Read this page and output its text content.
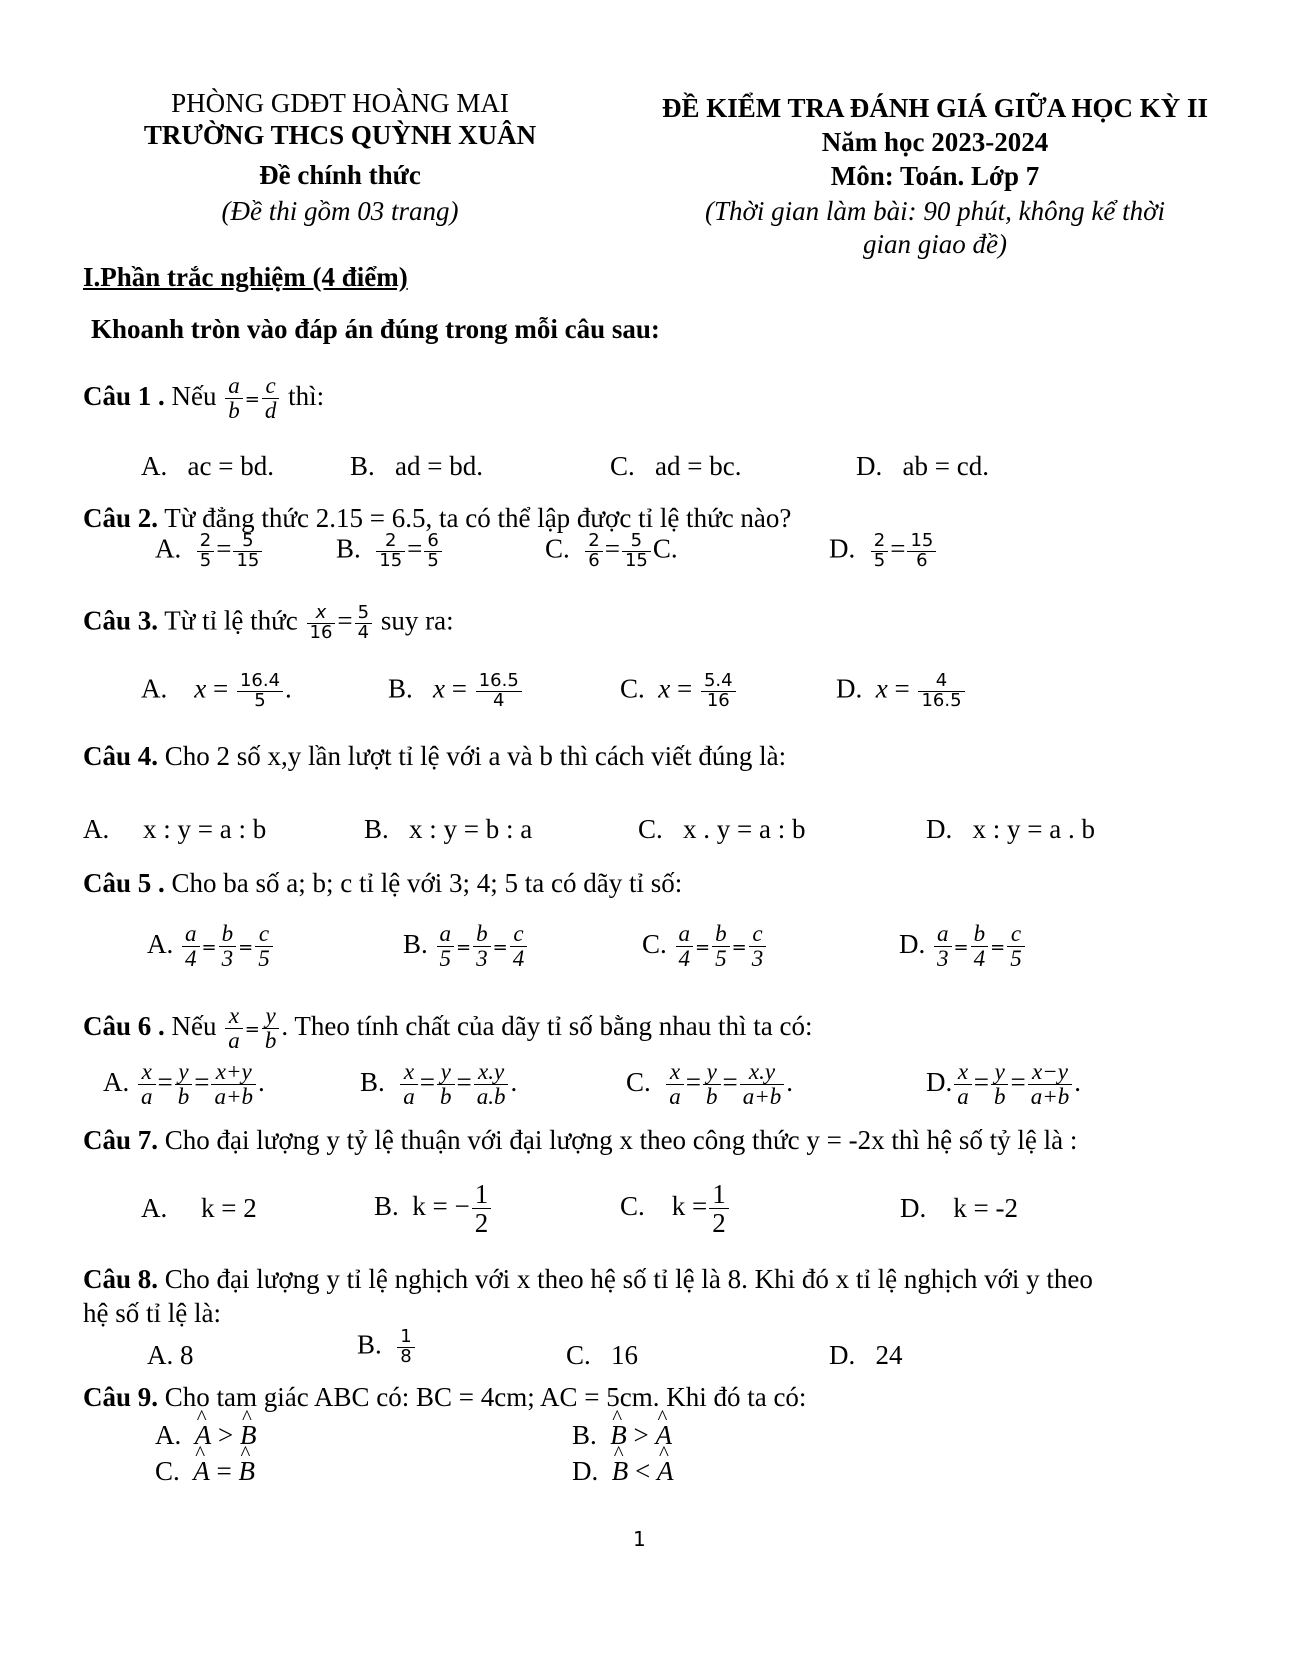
PHÒNG GDĐT HOÀNG MAI
TRƯỜNG THCS QUỲNH XUÂN
Đề chính thức
(Đề thi gồm 03 trang)
ĐỀ KIỂM TRA ĐÁNH GIÁ GIỮA HỌC KỲ II
Năm học 2023-2024
Môn: Toán. Lớp 7
(Thời gian làm bài: 90 phút, không kể thời
gian giao đề)
I.Phần trắc nghiệm (4 điểm)
Khoanh tròn vào đáp án đúng trong mỗi câu sau:
Câu 1 . Nếu $\frac{a}{b} = \frac{c}{d}$ thì:
A. ac = bd.	B. ad = bd.	C. ad = bc.	D. ab = cd.
Câu 2. Từ đẳng thức 2.15 = 6.5, ta có thể lập được tỉ lệ thức nào?
A. $\frac{2}{5} = \frac{5}{15}$	B. $\frac{2}{15} = \frac{6}{5}$	C. $\frac{2}{6} = \frac{5}{15} C$.	D. $\frac{2}{5} = \frac{15}{6}$
Câu 3. Từ tỉ lệ thức $\frac{x}{16} = \frac{5}{4}$ suy ra:
A. $x = \frac{16.4}{5}$ .	B. $x = \frac{16.5}{4}$	C. $x = \frac{5.4}{16}$	D. $x = \frac{4}{16.5}$
Câu 4. Cho 2 số x,y lần lượt tỉ lệ với a và b thì cách viết đúng là:
A. x : y = a : b	B. x : y = b : a	C. x . y = a : b	D. x : y = a . b
Câu 5 . Cho ba số a; b; c tỉ lệ với 3; 4; 5 ta có dãy tỉ số:
A. $\frac{a}{4} = \frac{b}{3} = \frac{c}{5}$	B. $\frac{a}{5} = \frac{b}{3} = \frac{c}{4}$	C. $\frac{a}{4} = \frac{b}{5} = \frac{c}{3}$	D. $\frac{a}{3} = \frac{b}{4} = \frac{c}{5}$
Câu 6 . Nếu $\frac{x}{a} = \frac{y}{b}$ . Theo tính chất của dãy tỉ số bằng nhau thì ta có:
A. $\frac{x}{a} = \frac{y}{b} = \frac{x+y}{a+b}$ .	B. $\frac{x}{a} = \frac{y}{b} = \frac{x.y}{a.b}$ .	C. $\frac{x}{a} = \frac{y}{b} = \frac{x.y}{a+b}$ .	D. $\frac{x}{a} = \frac{y}{b} = \frac{x-y}{a+b}$ .
Câu 7. Cho đại lượng y tỷ lệ thuận với đại lượng x theo công thức y = -2x thì hệ số tỷ lệ là :
A. k = 2	B. k = − $\frac{1}{2}$	C. $k = \frac{1}{2}$	D. k = -2
Câu 8. Cho đại lượng y tỉ lệ nghịch với x theo hệ số tỉ lệ là 8. Khi đó x tỉ lệ nghịch với y theo
hệ số tỉ lệ là:
A. 8	B. $\frac{1}{8}$	C. 16	D. 24
Câu 9. Cho tam giác ABC có: BC = 4cm; AC = 5cm. Khi đó ta có:
A. ^ A > ^ B	B. ^ B > ^ A
C. ^ A = ^ B	D. ^ B < ^ A
1
